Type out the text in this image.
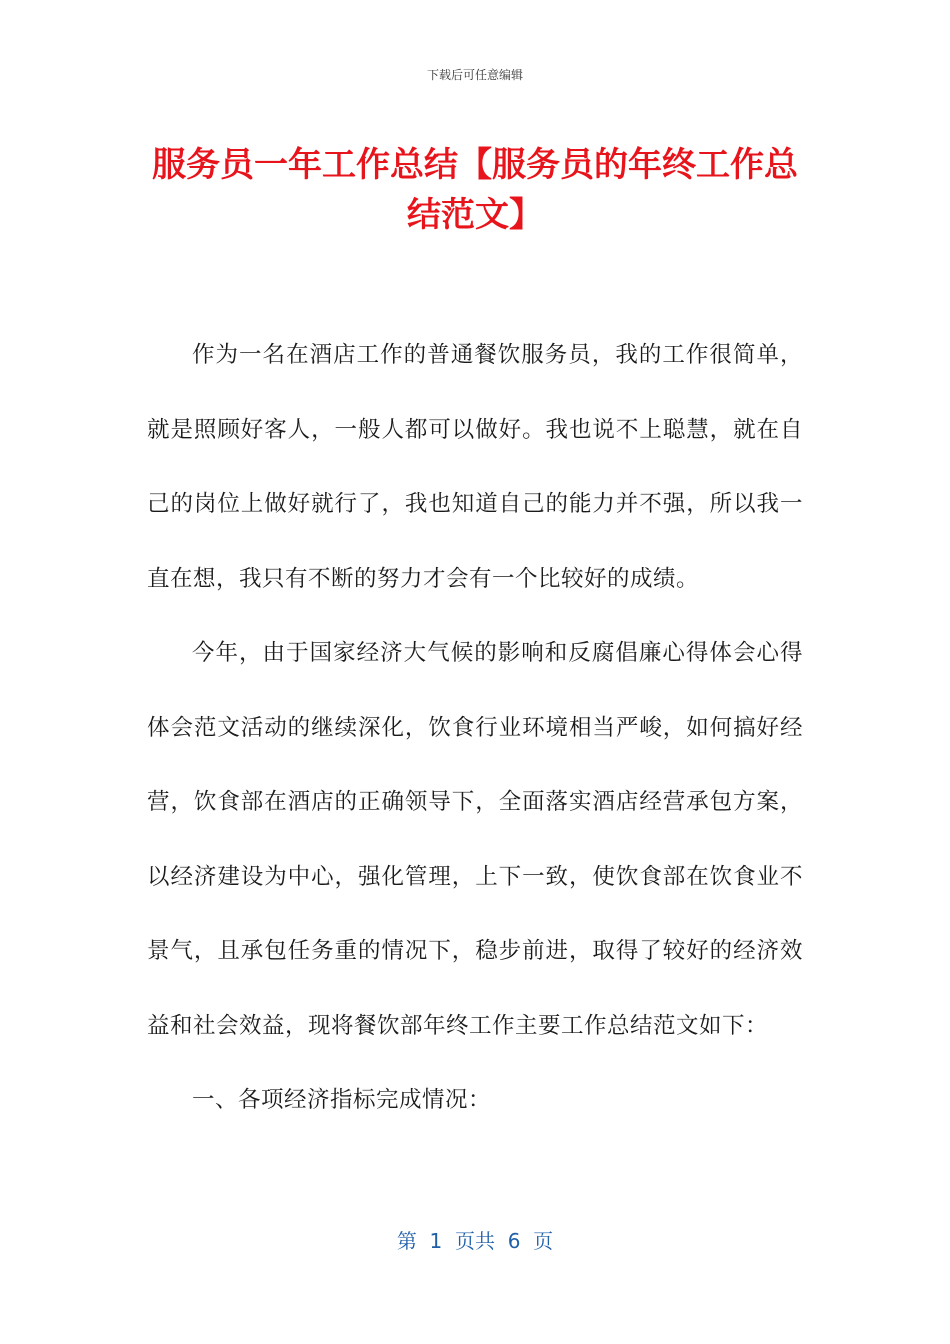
下载后可任意编辑
服务员一年工作总结【服务员的年终工作总结范文】

作为一名在酒店工作的普通餐饮服务员，我的工作很简单，就是照顾好客人，一般人都可以做好。我也说不上聪慧，就在自己的岗位上做好就行了，我也知道自己的能力并不强，所以我一直在想，我只有不断的努力才会有一个比较好的成绩。

今年，由于国家经济大气候的影响和反腐倡廉心得体会心得体会范文活动的继续深化，饮食行业环境相当严峻，如何搞好经营，饮食部在酒店的正确领导下，全面落实酒店经营承包方案，以经济建设为中心，强化管理，上下一致，使饮食部在饮食业不景气，且承包任务重的情况下，稳步前进，取得了较好的经济效益和社会效益，现将餐饮部年终工作主要工作总结范文如下：

一、各项经济指标完成情况：

第  1  页共  6  页
